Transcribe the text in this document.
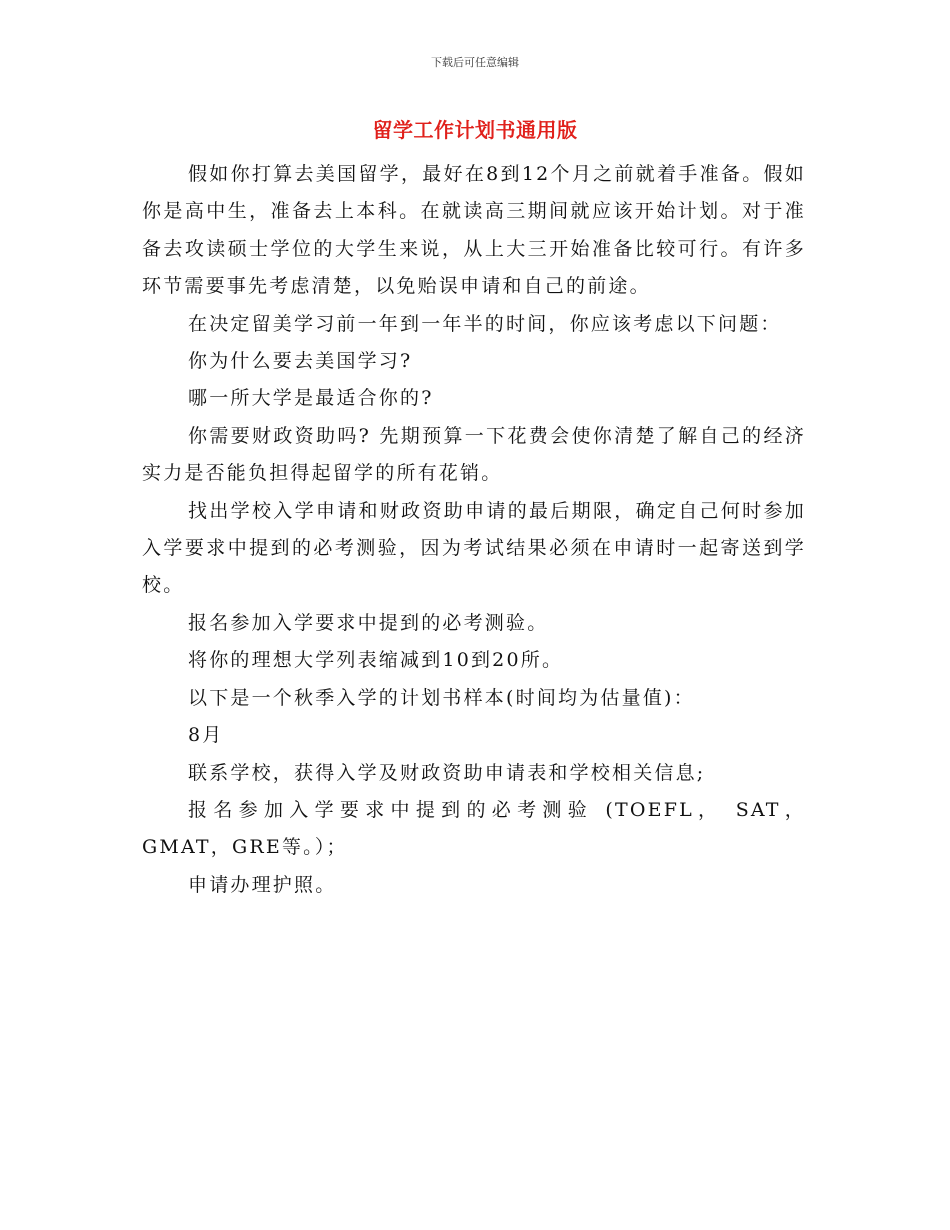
下载后可任意编辑
留学工作计划书通用版

假如你打算去美国留学，最好在8到12个月之前就着手准备。假如你是高中生，准备去上本科。在就读高三期间就应该开始计划。对于准备去攻读硕士学位的大学生来说，从上大三开始准备比较可行。有许多环节需要事先考虑清楚，以免贻误申请和自己的前途。

在决定留美学习前一年到一年半的时间，你应该考虑以下问题：

你为什么要去美国学习?

哪一所大学是最适合你的?

你需要财政资助吗? 先期预算一下花费会使你清楚了解自己的经济实力是否能负担得起留学的所有花销。

找出学校入学申请和财政资助申请的最后期限，确定自己何时参加入学要求中提到的必考测验，因为考试结果必须在申请时一起寄送到学校。

报名参加入学要求中提到的必考测验。

将你的理想大学列表缩减到10到20所。

以下是一个秋季入学的计划书样本(时间均为估量值)：

8月

联系学校，获得入学及财政资助申请表和学校相关信息;

报名参加入学要求中提到的必考测验 (TOEFL， SAT， GMAT，GRE等。）；

申请办理护照。
